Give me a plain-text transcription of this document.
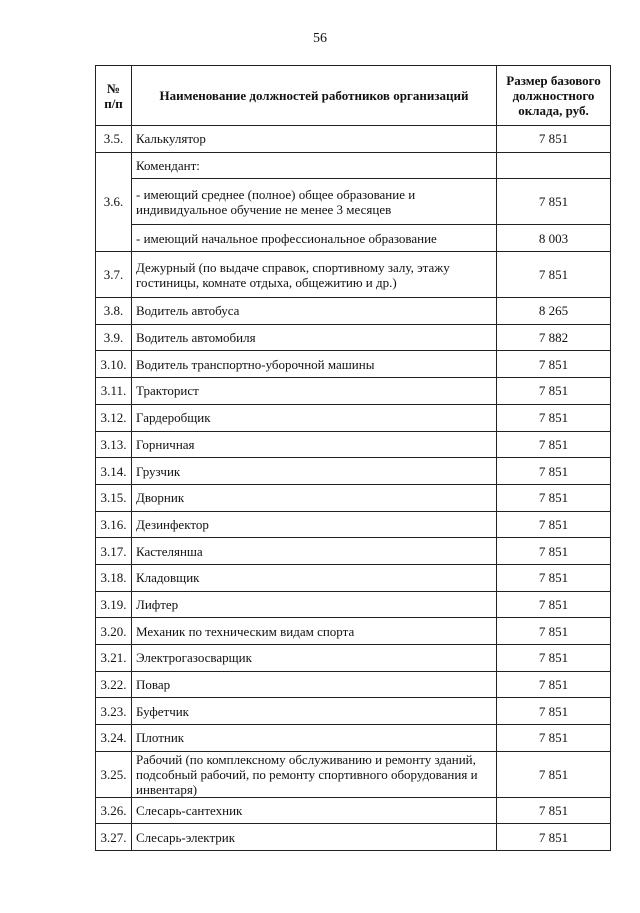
56
№ п/п	Наименование должностей работников организаций	Размер базового должностного оклада, руб.
3.5.	Калькулятор	7 851
3.6.	Комендант:	
	- имеющий среднее (полное) общее образование и индивидуальное обучение не менее 3 месяцев	7 851
	- имеющий начальное профессиональное образование	8 003
3.7.	Дежурный (по выдаче справок, спортивному залу, этажу гостиницы, комнате отдыха, общежитию и др.)	7 851
3.8.	Водитель автобуса	8 265
3.9.	Водитель автомобиля	7 882
3.10.	Водитель транспортно-уборочной машины	7 851
3.11.	Тракторист	7 851
3.12.	Гардеробщик	7 851
3.13.	Горничная	7 851
3.14.	Грузчик	7 851
3.15.	Дворник	7 851
3.16.	Дезинфектор	7 851
3.17.	Кастелянша	7 851
3.18.	Кладовщик	7 851
3.19.	Лифтер	7 851
3.20.	Механик по техническим видам спорта	7 851
3.21.	Электрогазосварщик	7 851
3.22.	Повар	7 851
3.23.	Буфетчик	7 851
3.24.	Плотник	7 851
3.25.	Рабочий (по комплексному обслуживанию и ремонту зданий, подсобный рабочий, по ремонту спортивного оборудования и инвентаря)	7 851
3.26.	Слесарь-сантехник	7 851
3.27.	Слесарь-электрик	7 851
